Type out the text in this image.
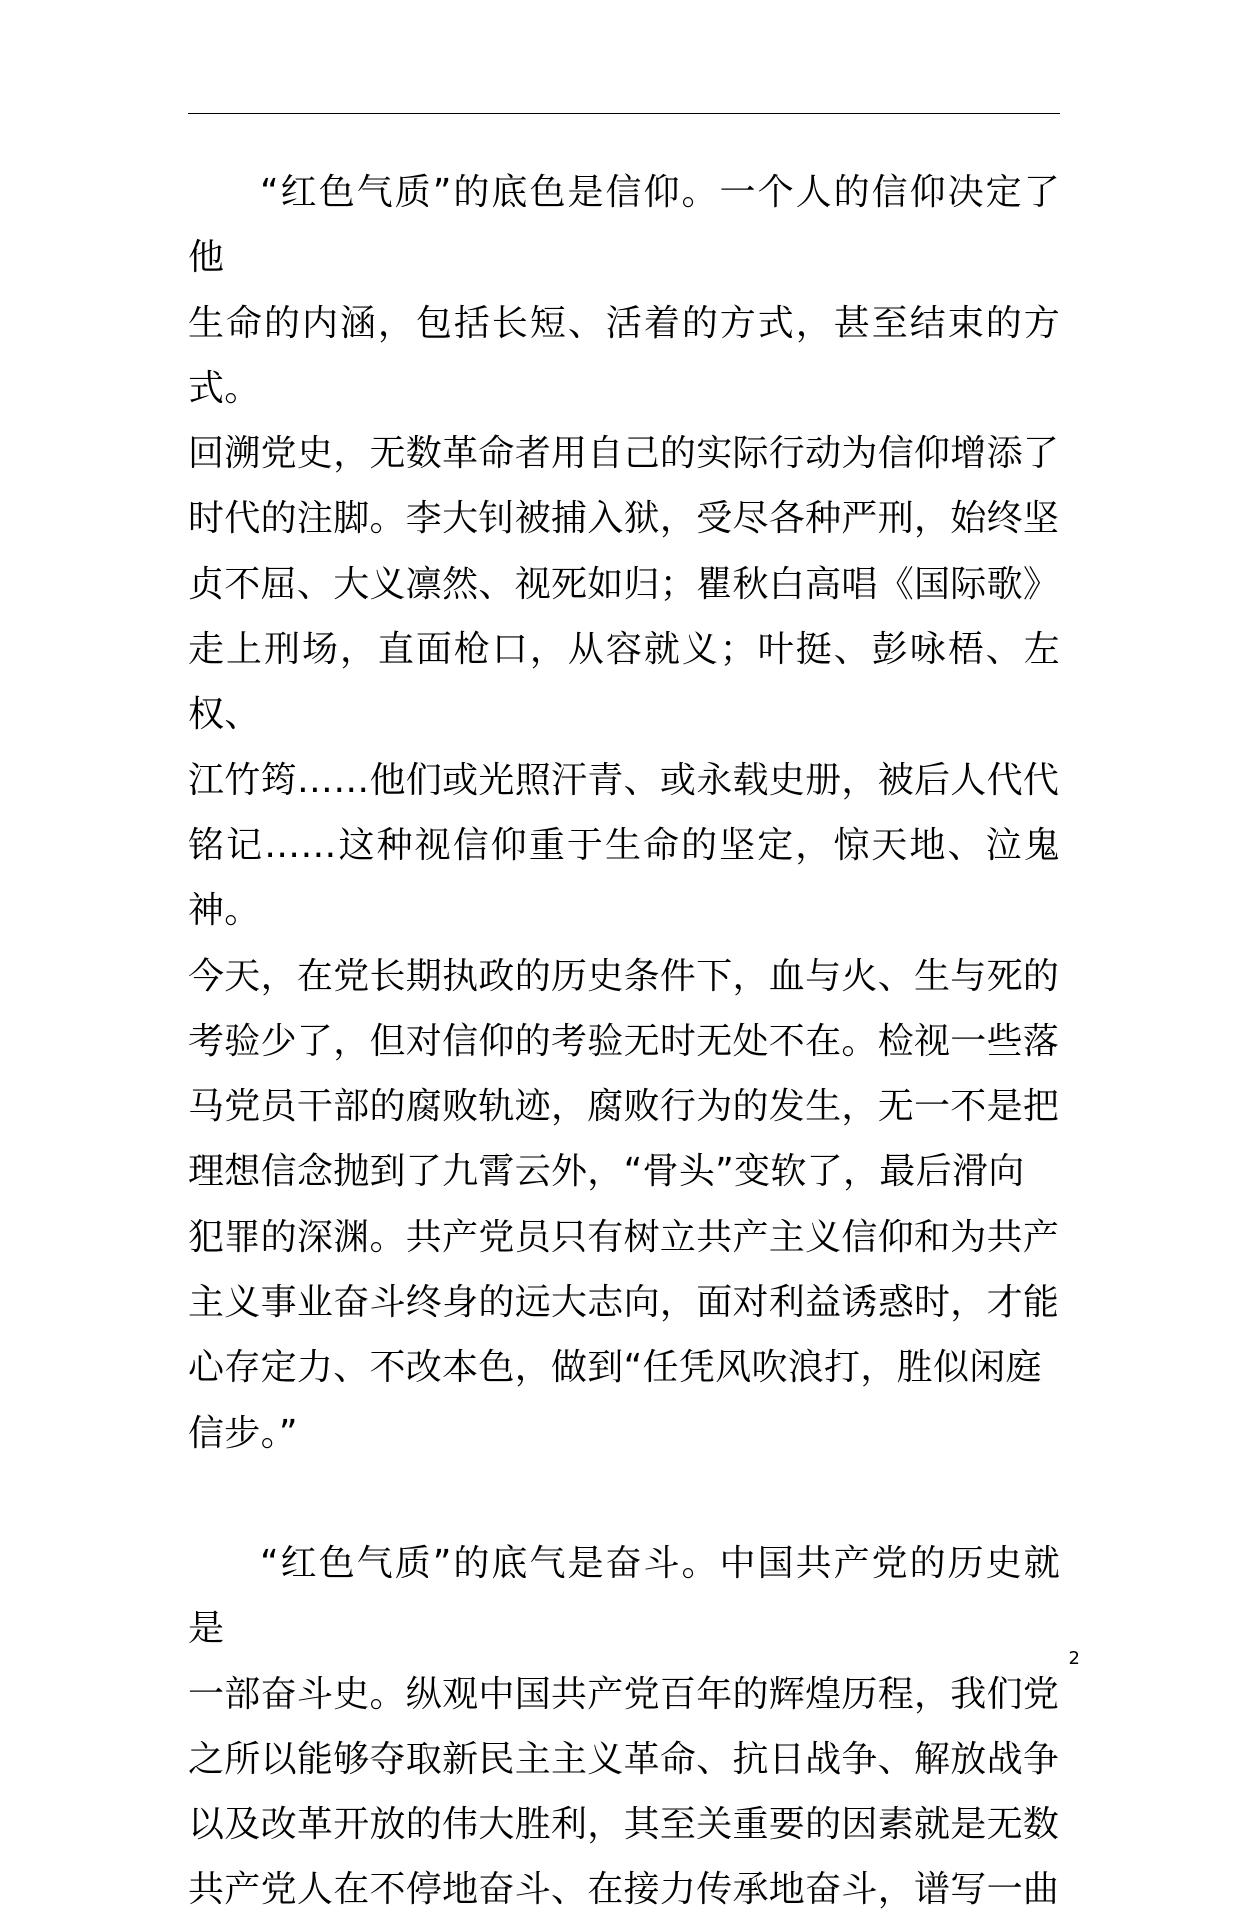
“红色气质”的底色是信仰。一个人的信仰决定了他
生命的内涵，包括长短、活着的方式，甚至结束的方式。
回溯党史，无数革命者用自己的实际行动为信仰增添了
时代的注脚。李大钊被捕入狱，受尽各种严刑，始终坚
贞不屈、大义凛然、视死如归；瞿秋白高唱《国际歌》
走上刑场，直面枪口，从容就义；叶挺、彭咏梧、左权、
江竹筠……他们或光照汗青、或永载史册，被后人代代
铭记……这种视信仰重于生命的坚定，惊天地、泣鬼神。
今天，在党长期执政的历史条件下，血与火、生与死的
考验少了，但对信仰的考验无时无处不在。检视一些落
马党员干部的腐败轨迹，腐败行为的发生，无一不是把
理想信念抛到了九霄云外，“骨头”变软了，最后滑向
犯罪的深渊。共产党员只有树立共产主义信仰和为共产
主义事业奋斗终身的远大志向，面对利益诱惑时，才能
心存定力、不改本色，做到“任凭风吹浪打，胜似闲庭
信步。”

“红色气质”的底气是奋斗。中国共产党的历史就是
一部奋斗史。纵观中国共产党百年的辉煌历程，我们党
之所以能够夺取新民主主义革命、抗日战争、解放战争
以及改革开放的伟大胜利，其至关重要的因素就是无数
共产党人在不停地奋斗、在接力传承地奋斗，谱写一曲

2
